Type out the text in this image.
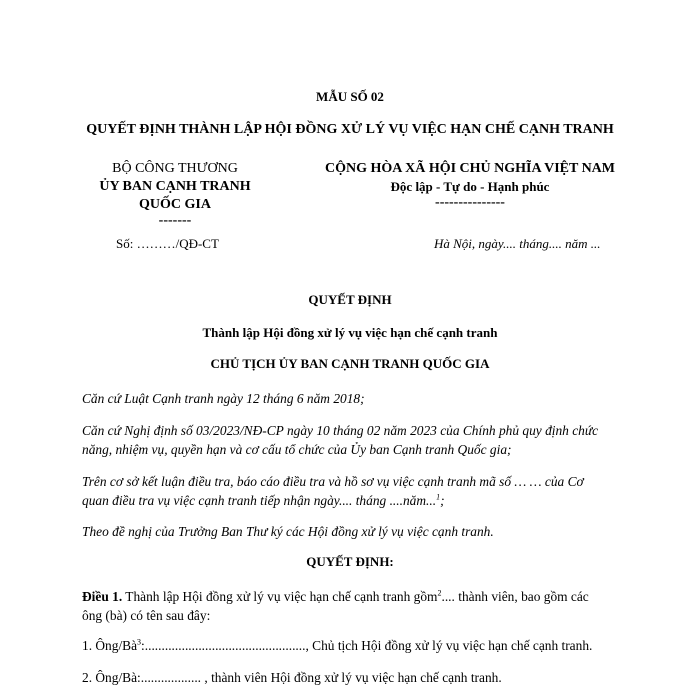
MẪU SỐ 02
QUYẾT ĐỊNH THÀNH LẬP HỘI ĐỒNG XỬ LÝ VỤ VIỆC HẠN CHẾ CẠNH TRANH
BỘ CÔNG THƯƠNG
ỦY BAN CẠNH TRANH
QUỐC GIA
-------
CỘNG HÒA XÃ HỘI CHỦ NGHĨA VIỆT NAM
Độc lập - Tự do - Hạnh phúc
---------------
Số: ………/QĐ-CT	Hà Nội, ngày.... tháng.... năm ...
QUYẾT ĐỊNH
Thành lập Hội đồng xử lý vụ việc hạn chế cạnh tranh
CHỦ TỊCH ỦY BAN CẠNH TRANH QUỐC GIA
Căn cứ Luật Cạnh tranh ngày 12 tháng 6 năm 2018;
Căn cứ Nghị định số 03/2023/NĐ-CP ngày 10 tháng 02 năm 2023 của Chính phủ quy định chức
năng, nhiệm vụ, quyền hạn và cơ cấu tổ chức của Ủy ban Cạnh tranh Quốc gia;
Trên cơ sở kết luận điều tra, báo cáo điều tra và hồ sơ vụ việc cạnh tranh mã số … … của Cơ
quan điều tra vụ việc cạnh tranh tiếp nhận ngày.... tháng ....năm...$^1$;
Theo đề nghị của Trưởng Ban Thư ký các Hội đồng xử lý vụ việc cạnh tranh.
QUYẾT ĐỊNH:
Điều 1. Thành lập Hội đồng xử lý vụ việc hạn chế cạnh tranh gồm$^2$.... thành viên, bao gồm các
ông (bà) có tên sau đây:
1. Ông/$Bà^3$:................................................, Chủ tịch Hội đồng xử lý vụ việc hạn chế cạnh tranh.
2. Ông/Bà:.................. , thành viên Hội đồng xử lý vụ việc hạn chế cạnh tranh.
